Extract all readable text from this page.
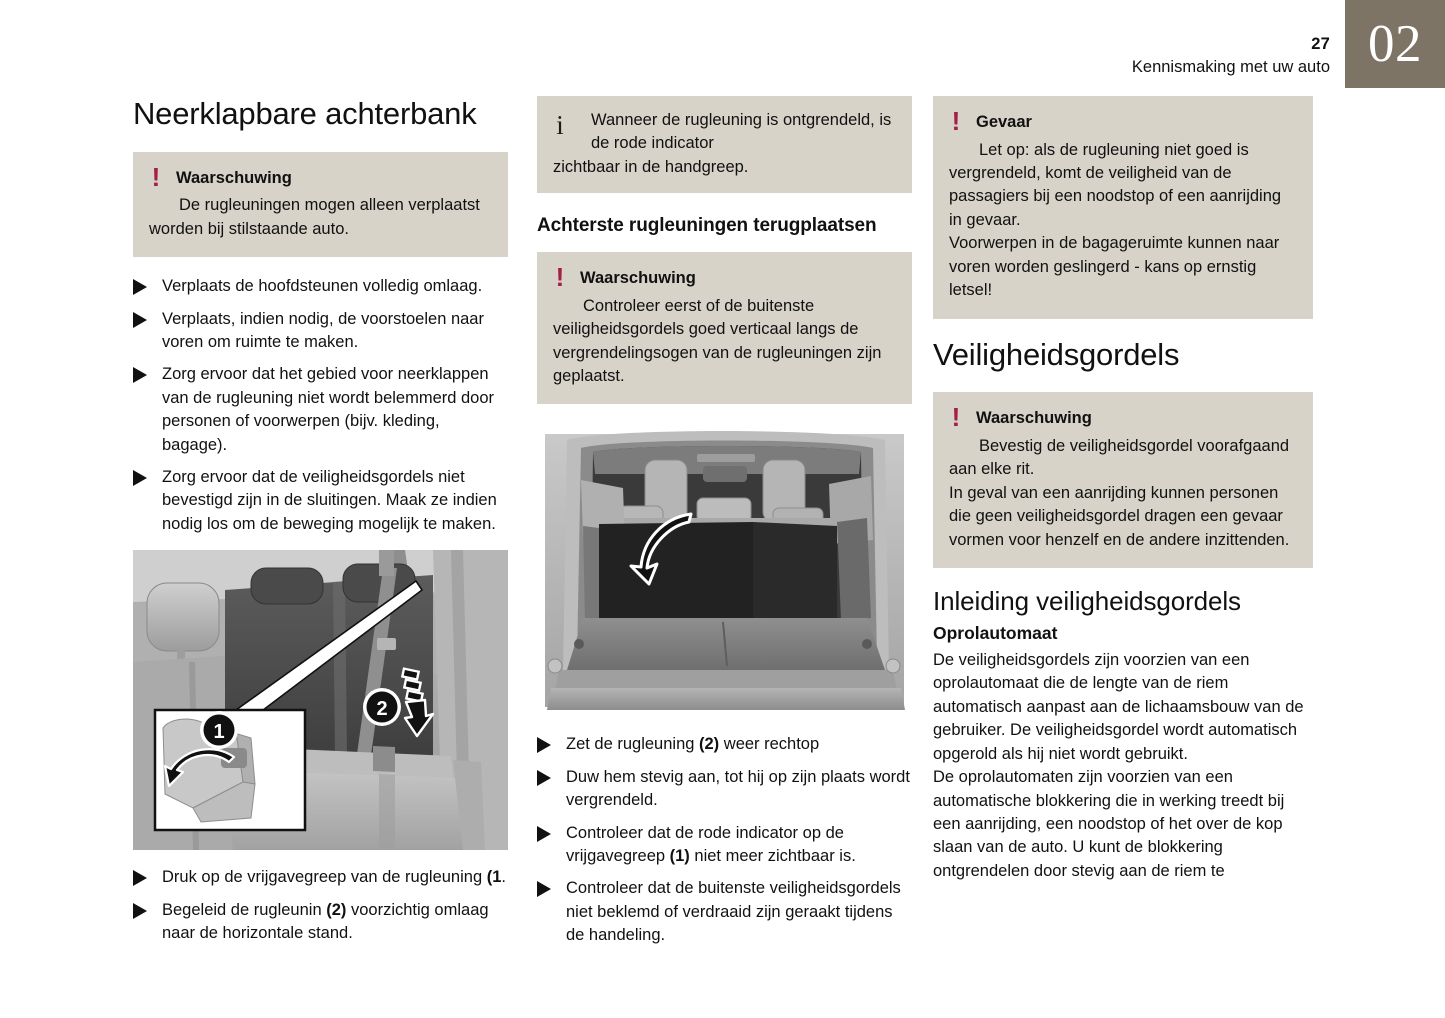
02
27
Kennismaking met uw auto
Neerklapbare achterbank
! Waarschuwing

De rugleuningen mogen alleen verplaatst worden bij stilstaande auto.

Verplaats de hoofdsteunen volledig omlaag.
Verplaats, indien nodig, de voorstoelen naar voren om ruimte te maken.
Zorg ervoor dat het gebied voor neerklappen van de rugleuning niet wordt belemmerd door personen of voorwerpen (bijv. kleding, bagage).
Zorg ervoor dat de veiligheidsgordels niet bevestigd zijn in de sluitingen. Maak ze indien nodig los om de beweging mogelijk te maken.
2
1
Druk op de vrijgavegreep van de rugleuning (1.
Begeleid de rugleunin (2) voorzichtig omlaag naar de horizontale stand.
i Wanneer de rugleuning is ontgrendeld, is de rode indicator
zichtbaar in de handgreep.
Achterste rugleuningen terugplaatsen
! Waarschuwing

Controleer eerst of de buitenste veiligheidsgordels goed verticaal langs de vergrendelingsogen van de rugleuningen zijn geplaatst.

Zet de rugleuning (2) weer rechtop
Duw hem stevig aan, tot hij op zijn plaats wordt vergrendeld.
Controleer dat de rode indicator op de vrijgavegreep (1) niet meer zichtbaar is.
Controleer dat de buitenste veiligheidsgordels niet beklemd of verdraaid zijn geraakt tijdens de handeling.
! Gevaar

Let op: als de rugleuning niet goed is vergrendeld, komt de veiligheid van de passagiers bij een noodstop of een aanrijding in gevaar.

Voorwerpen in de bagageruimte kunnen naar voren worden geslingerd - kans op ernstig letsel!

Veiligheidsgordels
! Waarschuwing

Bevestig de veiligheidsgordel voorafgaand aan elke rit.

In geval van een aanrijding kunnen personen die geen veiligheidsgordel dragen een gevaar vormen voor henzelf en de andere inzittenden.

Inleiding veiligheidsgordels
Oprolautomaat

De veiligheidsgordels zijn voorzien van een oprolautomaat die de lengte van de riem automatisch aanpast aan de lichaamsbouw van de gebruiker. De veiligheidsgordel wordt automatisch opgerold als hij niet wordt gebruikt.

De oprolautomaten zijn voorzien van een automatische blokkering die in werking treedt bij een aanrijding, een noodstop of het over de kop slaan van de auto. U kunt de blokkering ontgrendelen door stevig aan de riem te
